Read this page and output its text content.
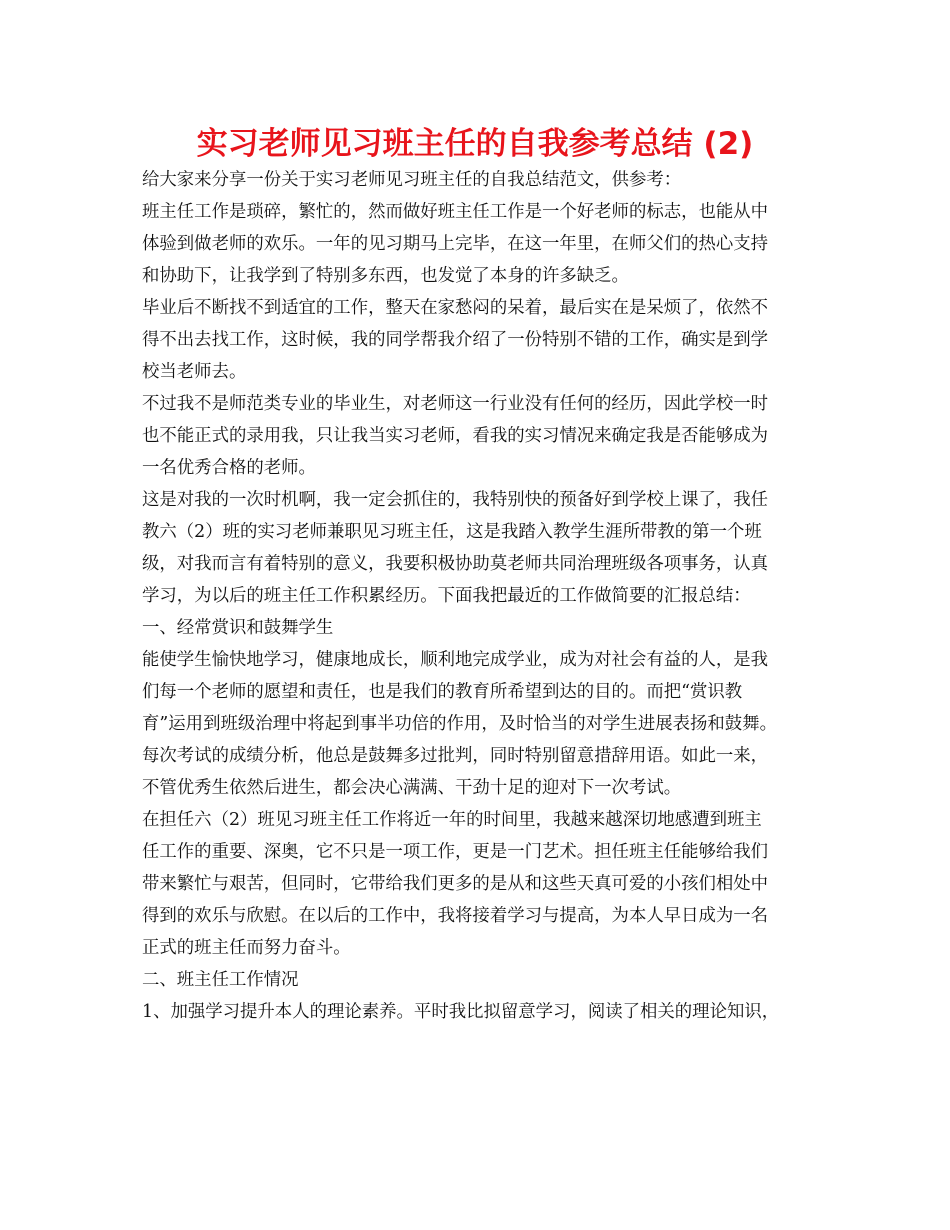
实习老师见习班主任的自我参考总结 (2)
给大家来分享一份关于实习老师见习班主任的自我总结范文，供参考：
班主任工作是琐碎，繁忙的，然而做好班主任工作是一个好老师的标志，也能从中
体验到做老师的欢乐。一年的见习期马上完毕，在这一年里，在师父们的热心支持
和协助下，让我学到了特别多东西，也发觉了本身的许多缺乏。
毕业后不断找不到适宜的工作，整天在家愁闷的呆着，最后实在是呆烦了，依然不
得不出去找工作，这时候，我的同学帮我介绍了一份特别不错的工作，确实是到学
校当老师去。
不过我不是师范类专业的毕业生，对老师这一行业没有任何的经历，因此学校一时
也不能正式的录用我，只让我当实习老师，看我的实习情况来确定我是否能够成为
一名优秀合格的老师。
这是对我的一次时机啊，我一定会抓住的，我特别快的预备好到学校上课了，我任
教六（2）班的实习老师兼职见习班主任，这是我踏入教学生涯所带教的第一个班
级，对我而言有着特别的意义，我要积极协助莫老师共同治理班级各项事务，认真
学习，为以后的班主任工作积累经历。下面我把最近的工作做简要的汇报总结：
一、经常赏识和鼓舞学生
能使学生愉快地学习，健康地成长，顺利地完成学业，成为对社会有益的人，是我
们每一个老师的愿望和责任，也是我们的教育所希望到达的目的。而把“赏识教
育”运用到班级治理中将起到事半功倍的作用，及时恰当的对学生进展表扬和鼓舞。
每次考试的成绩分析，他总是鼓舞多过批判，同时特别留意措辞用语。如此一来，
不管优秀生依然后进生，都会决心满满、干劲十足的迎对下一次考试。
在担任六（2）班见习班主任工作将近一年的时间里，我越来越深切地感遭到班主
任工作的重要、深奥，它不只是一项工作，更是一门艺术。担任班主任能够给我们
带来繁忙与艰苦，但同时，它带给我们更多的是从和这些天真可爱的小孩们相处中
得到的欢乐与欣慰。在以后的工作中，我将接着学习与提高，为本人早日成为一名
正式的班主任而努力奋斗。
二、班主任工作情况
1、加强学习提升本人的理论素养。平时我比拟留意学习，阅读了相关的理论知识，
